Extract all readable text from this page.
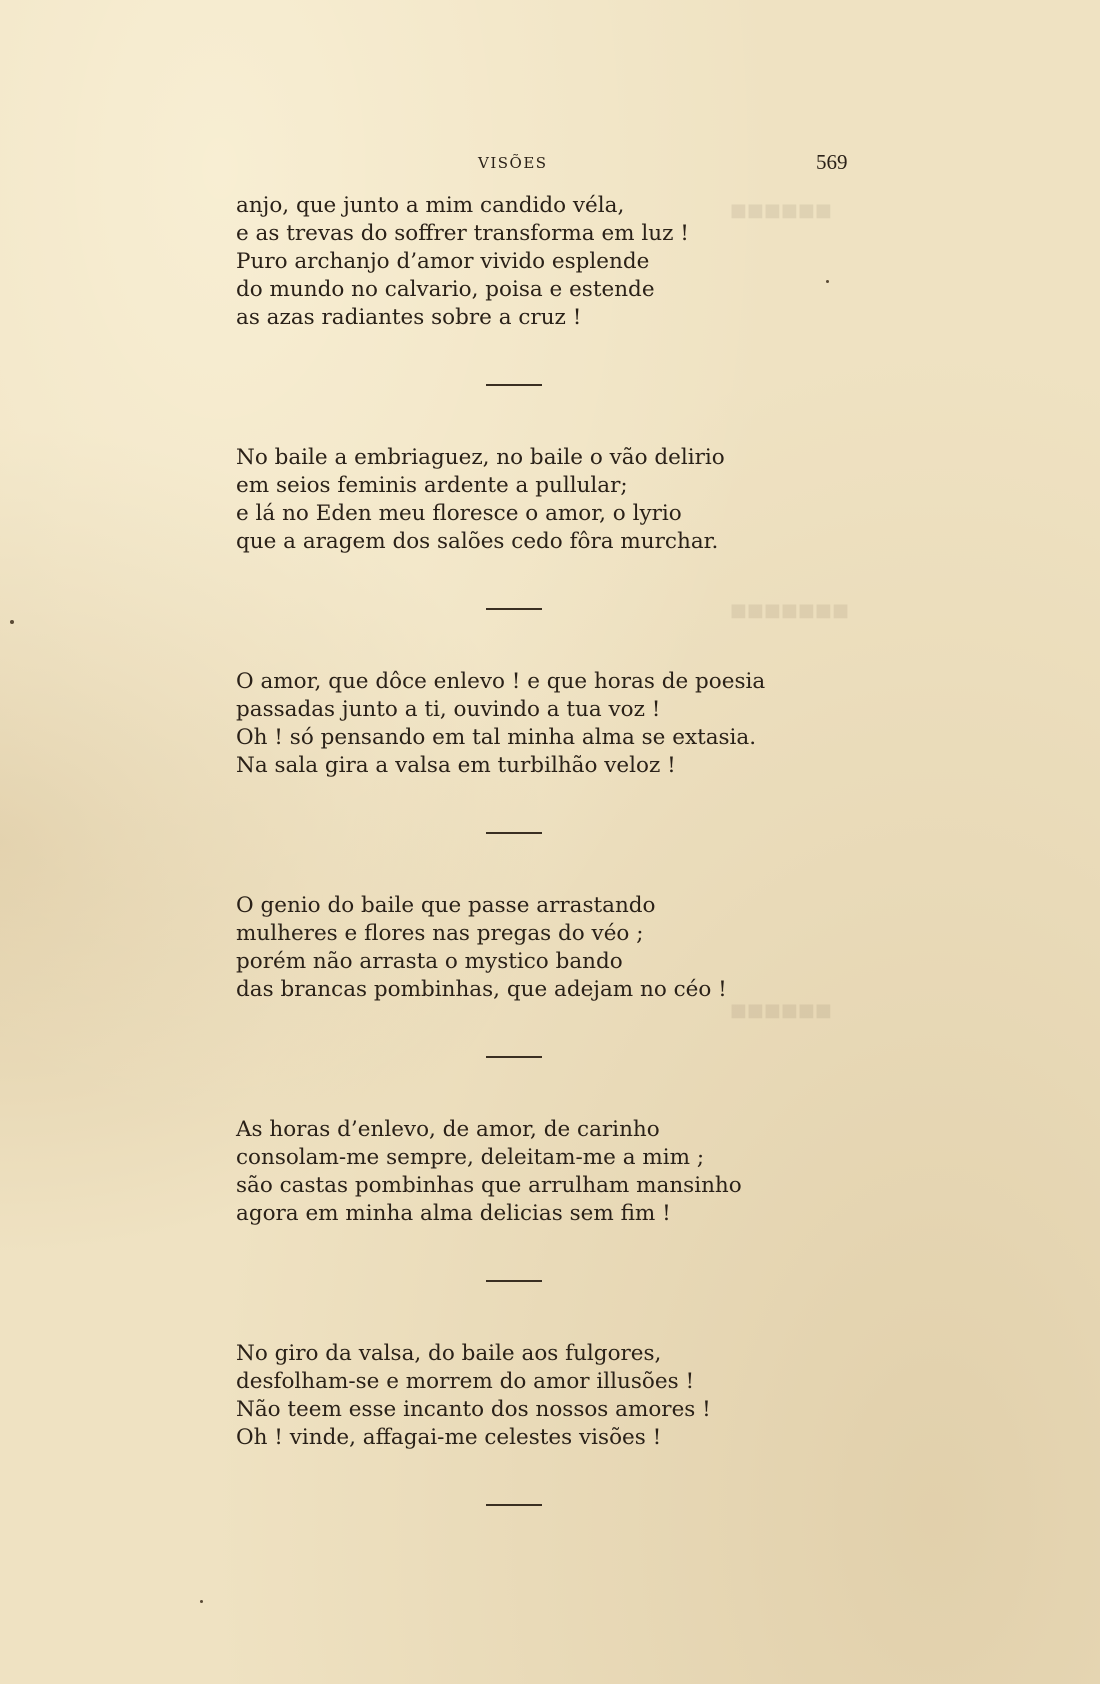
■■■■■■
■■■■■■■
■■■■■■
VISÕES	569
anjo, que junto a mim candido véla,
e as trevas do soffrer transforma em luz !
Puro archanjo d’amor vivido esplende
do mundo no calvario, poisa e estende
as azas radiantes sobre a cruz !
No baile a embriaguez, no baile o vão delirio
em seios feminis ardente a pullular;
e lá no Eden meu floresce o amor, o lyrio
que a aragem dos salões cedo fôra murchar.
O amor, que dôce enlevo ! e que horas de poesia
passadas junto a ti, ouvindo a tua voz !
Oh ! só pensando em tal minha alma se extasia.
Na sala gira a valsa em turbilhão veloz !
O genio do baile que passe arrastando
mulheres e flores nas pregas do véo ;
porém não arrasta o mystico bando
das brancas pombinhas, que adejam no céo !
As horas d’enlevo, de amor, de carinho
consolam-me sempre, deleitam-me a mim ;
são castas pombinhas que arrulham mansinho
agora em minha alma delicias sem fim !
No giro da valsa, do baile aos fulgores,
desfolham-se e morrem do amor illusões !
Não teem esse incanto dos nossos amores !
Oh ! vinde, affagai-me celestes visões !
